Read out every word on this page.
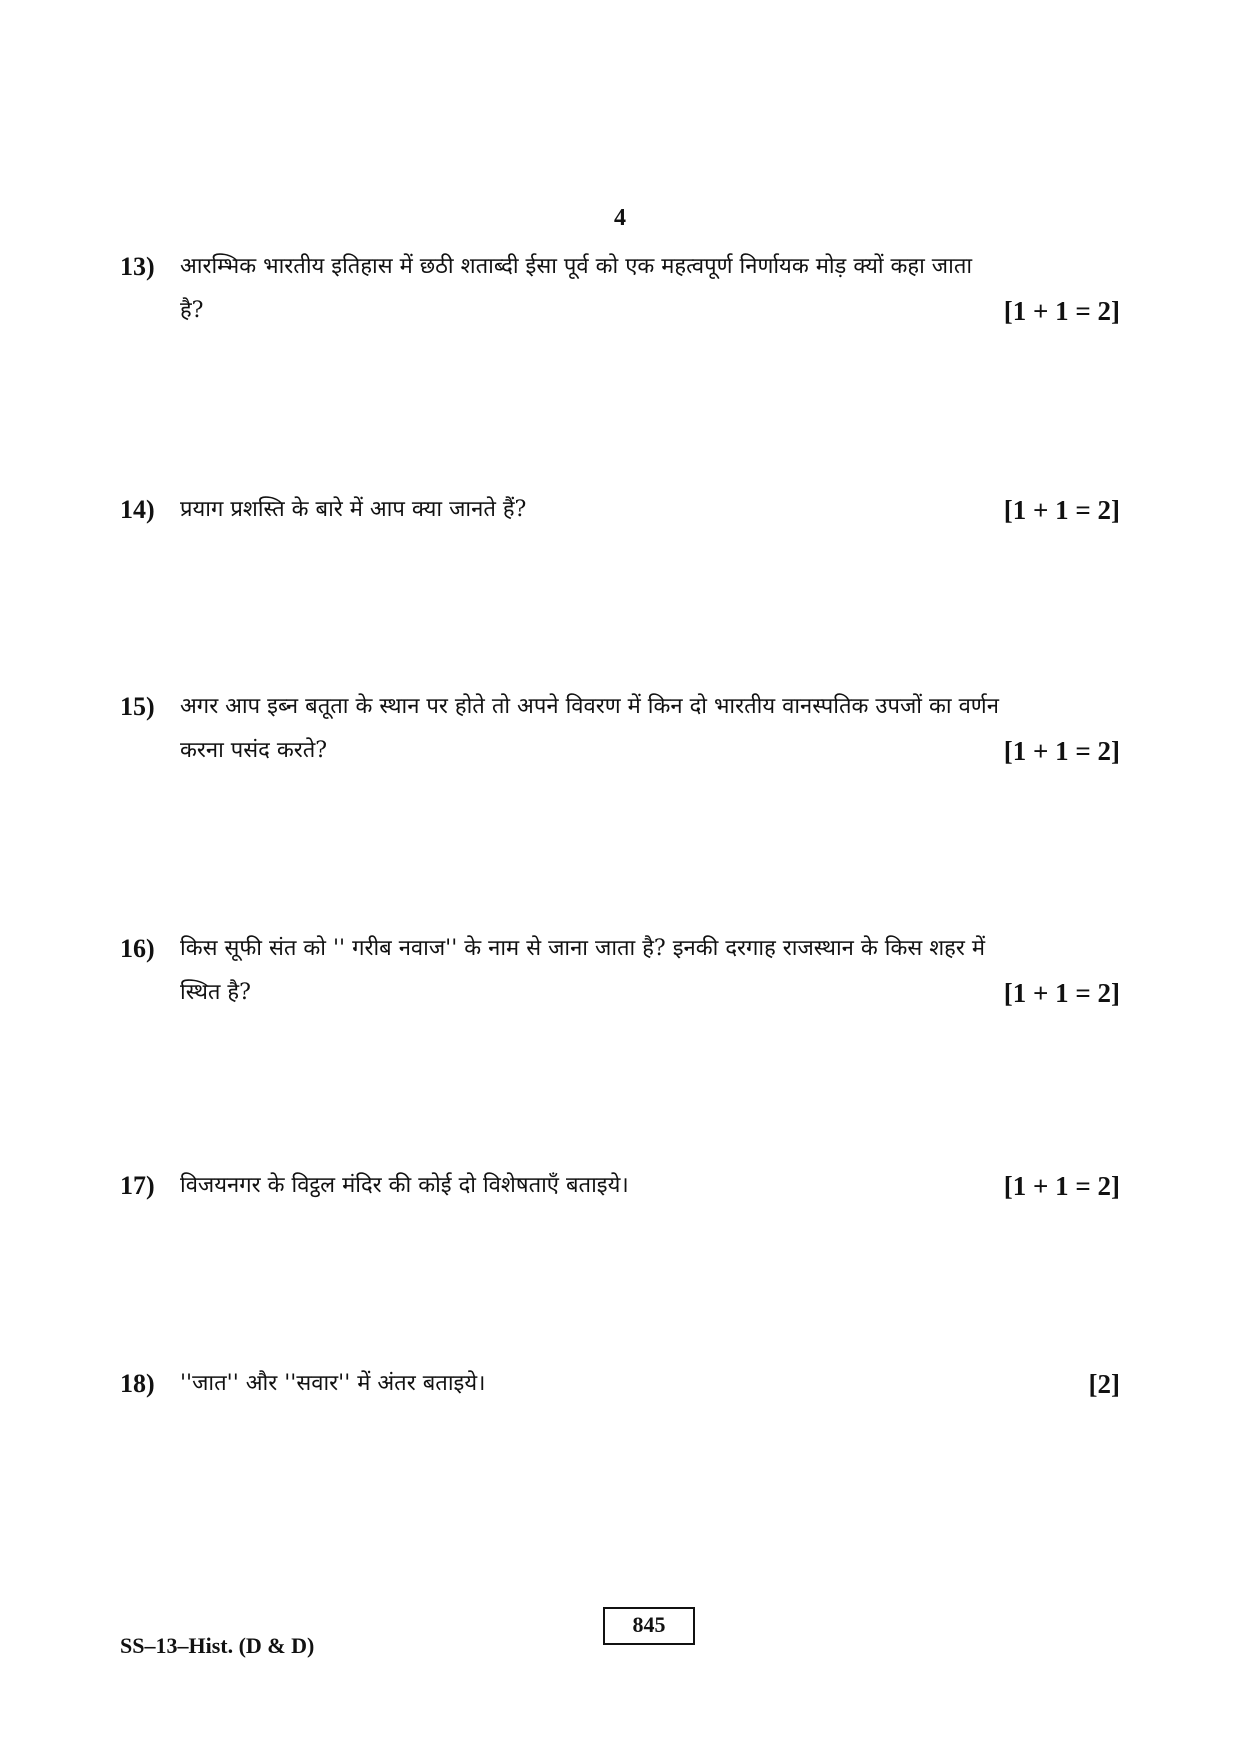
4
13) आरम्भिक भारतीय इतिहास में छठी शताब्दी ईसा पूर्व को एक महत्वपूर्ण निर्णायक मोड़ क्यों कहा जाता
है?	[1 + 1 = 2]
14) प्रयाग प्रशस्ति के बारे में आप क्या जानते हैं?	[1 + 1 = 2]
15) अगर आप इब्न बतूता के स्थान पर होते तो अपने विवरण में किन दो भारतीय वानस्पतिक उपजों का वर्णन
करना पसंद करते?	[1 + 1 = 2]
16) किस सूफी संत को '' गरीब नवाज'' के नाम से जाना जाता है? इनकी दरगाह राजस्थान के किस शहर में
स्थित है?	[1 + 1 = 2]
17) विजयनगर के विट्ठल मंदिर की कोई दो विशेषताएँ बताइये।	[1 + 1 = 2]
18) ''जात'' और ''सवार'' में अंतर बताइये।	[2]
SS–13–Hist. (D & D)
845
